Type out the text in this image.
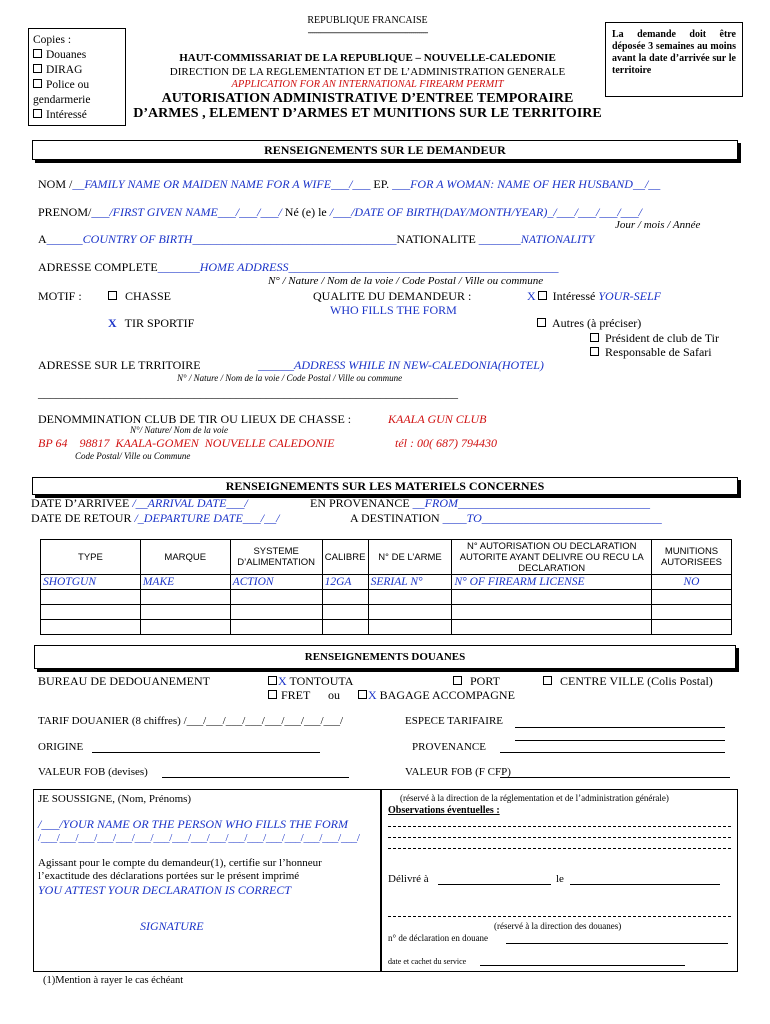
REPUBLIQUE FRANCAISE
------------------------------------------------------------
HAUT-COMMISSARIAT DE LA REPUBLIQUE – NOUVELLE-CALEDONIE
DIRECTION DE LA REGLEMENTATION ET DE L’ADMINISTRATION GENERALE
APPLICATION FOR AN INTERNATIONAL FIREARM PERMIT
AUTORISATION ADMINISTRATIVE D’ENTREE TEMPORAIRE
D’ARMES , ELEMENT D’ARMES ET MUNITIONS SUR LE TERRITOIRE
Copies :
Douanes
DIRAG
Police ou
gendarmerie
Intéressé
La demande doit être déposée 3 semaines au moins avant la date d’arrivée sur le territoire
RENSEIGNEMENTS SUR LE DEMANDEUR
NOM /__FAMILY NAME OR MAIDEN NAME FOR A WIFE___/___ EP. ___FOR A WOMAN: NAME OF HER HUSBAND__/__
PRENOM/___/FIRST GIVEN NAME___/___/___/ Né (e) le /___/DATE OF BIRTH(DAY/MONTH/YEAR)_/___/___/___/___/
Jour / mois / Année
A______COUNTRY OF BIRTH__________________________________NATIONALITE _______NATIONALITY
ADRESSE COMPLETE_______HOME ADDRESS_____________________________________________
N° / Nature / Nom de la voie / Code Postal / Ville ou commune
MOTIF :	CHASSE
X TIR SPORTIF
QUALITE DU DEMANDEUR :	X Intéressé YOUR-SELF
WHO FILLS THE FORM
Autres (à préciser)
Président de club de Tir
Responsable de Safari
ADRESSE SUR LE TRRITOIRE	______ADDRESS WHILE IN NEW-CALEDONIA(HOTEL)
N° / Nature / Nom de la voie / Code Postal / Ville ou commune
______________________________________________________________________
DENOMMINATION CLUB DE TIR OU LIEUX DE CHASSE :	KAALA GUN CLUB
N°/ Nature/ Nom de la voie
BP 64    98817  KAALA-GOMEN  NOUVELLE CALEDONIE	tél : 00( 687) 794430
Code Postal/ Ville ou Commune
RENSEIGNEMENTS SUR LES MATERIELS CONCERNES
DATE D’ARRIVEE /__ARRIVAL DATE___/	EN PROVENANCE __FROM________________________________
DATE DE RETOUR /_DEPARTURE DATE___/__/	A DESTINATION ____TO______________________________
TYPE	MARQUE	SYSTEME D’ALIMENTATION	CALIBRE	N° DE L’ARME	N° AUTORISATION OU DECLARATION AUTORITE AYANT DELIVRE OU RECU LA DECLARATION	MUNITIONS AUTORISEES
SHOTGUN	MAKE	ACTION	12GA	SERIAL N°	N° OF FIREARM LICENSE	NO

RENSEIGNEMENTS DOUANES
BUREAU DE DEDOUANEMENT	X TONTOUTA	PORT	CENTRE VILLE (Colis Postal)
FRET ou	X BAGAGE ACCOMPAGNE
TARIF DOUANIER (8 chiffres) /___/___/___/___/___/___/___/___/	ESPECE TARIFAIRE
ORIGINE	PROVENANCE
VALEUR FOB (devises)	VALEUR FOB (F CFP)
JE SOUSSIGNE, (Nom, Prénoms)
/___/YOUR NAME OR THE PERSON WHO FILLS THE FORM
/___/___/___/___/___/___/___/___/___/___/___/___/___/___/___/___/___/
Agissant pour le compte du demandeur(1), certifie sur l’honneur
l’exactitude des déclarations portées sur le présent imprimé
YOU ATTEST YOUR DECLARATION IS CORRECT
SIGNATURE
(réservé à la direction de la réglementation et de l’administration générale)
Observations éventuelles :
Délivré à	le
(réservé à la direction des douanes)
n° de déclaration en douane
date et cachet du service
(1)Mention à rayer le cas échéant
